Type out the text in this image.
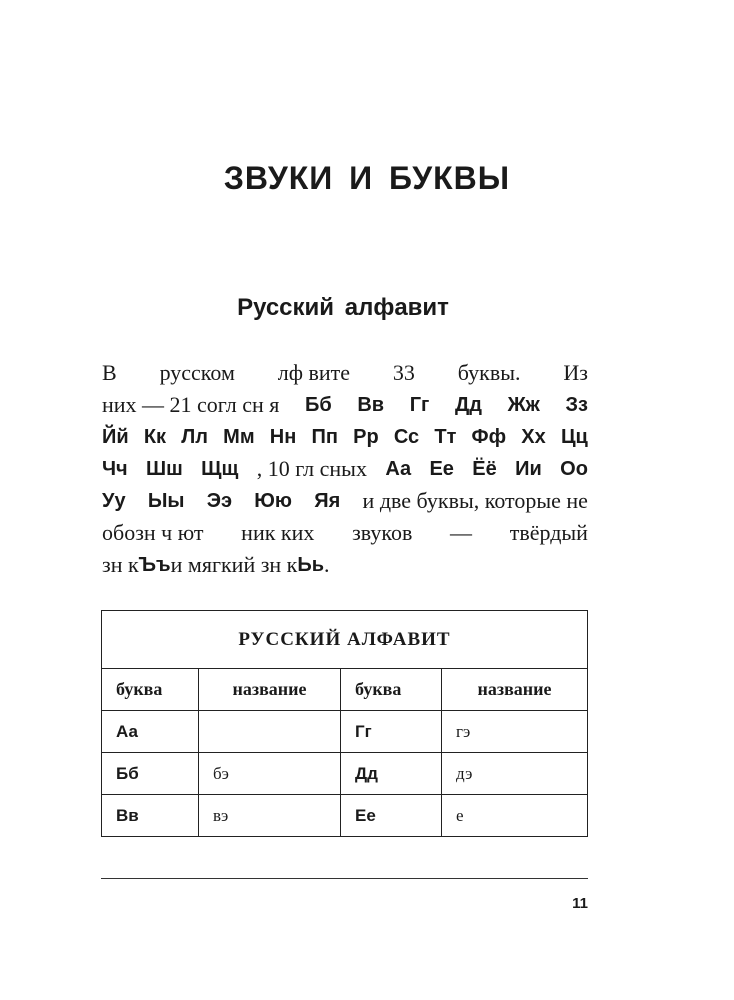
ЗВУКИ И БУКВЫ
Русский алфавит
В русском лф вите 33 буквы. Из
них — 21 согл сн я Бб Вв Гг Дд Жж Зз
Йй Кк Лл Мм Нн Пп Рр Сс Тт Фф Хх Цц
Чч Шш Щщ , 10 гл сных Аа Ее Ёё Ии Оо
Уу Ыы Ээ Юю Яя и две буквы, которые не
обозн ч ют ник ких звуков — твёрдый
зн к Ъъ и мягкий зн к Ьь .
РУССКИЙ АЛФАВИТ			
буква	название	буква	название
Аа		Гг	гэ
Бб	бэ	Дд	дэ
Вв	вэ	Ее	е
11
